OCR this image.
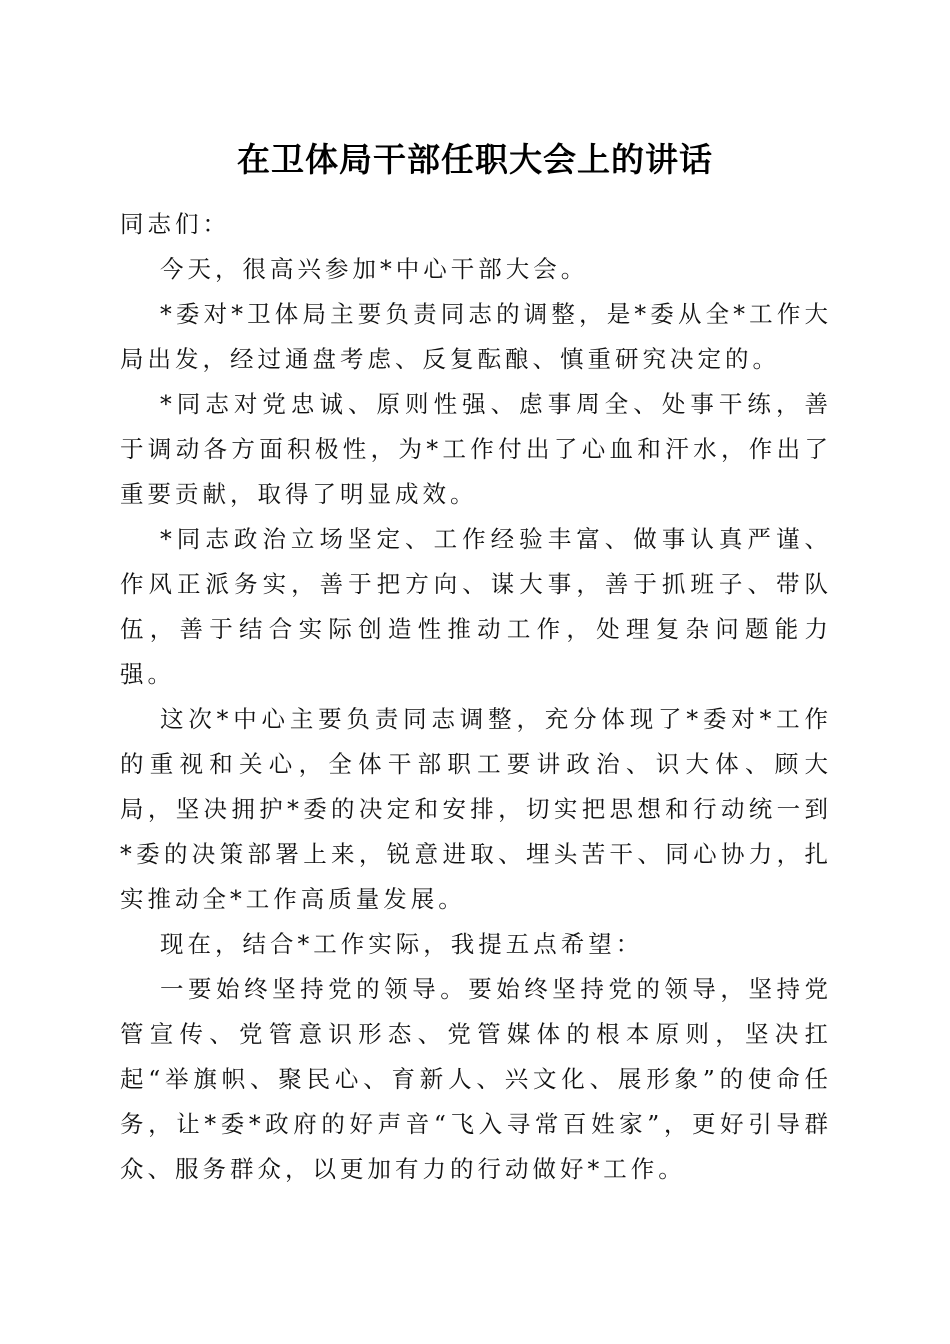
在卫体局干部任职大会上的讲话

同志们：

今天，很高兴参加*中心干部大会。

*委对*卫体局主要负责同志的调整，是*委从全*工作大局出发，经过通盘考虑、反复酝酿、慎重研究决定的。

*同志对党忠诚、原则性强、虑事周全、处事干练，善于调动各方面积极性，为*工作付出了心血和汗水，作出了重要贡献，取得了明显成效。

*同志政治立场坚定、工作经验丰富、做事认真严谨、作风正派务实，善于把方向、谋大事，善于抓班子、带队伍，善于结合实际创造性推动工作，处理复杂问题能力强。

这次*中心主要负责同志调整，充分体现了*委对*工作的重视和关心，全体干部职工要讲政治、识大体、顾大局，坚决拥护*委的决定和安排，切实把思想和行动统一到*委的决策部署上来，锐意进取、埋头苦干、同心协力，扎实推动全*工作高质量发展。

现在，结合*工作实际，我提五点希望：

一要始终坚持党的领导。要始终坚持党的领导，坚持党管宣传、党管意识形态、党管媒体的根本原则，坚决扛起“举旗帜、聚民心、育新人、兴文化、展形象”的使命任务，让*委*政府的好声音“飞入寻常百姓家”，更好引导群众、服务群众，以更加有力的行动做好*工作。
